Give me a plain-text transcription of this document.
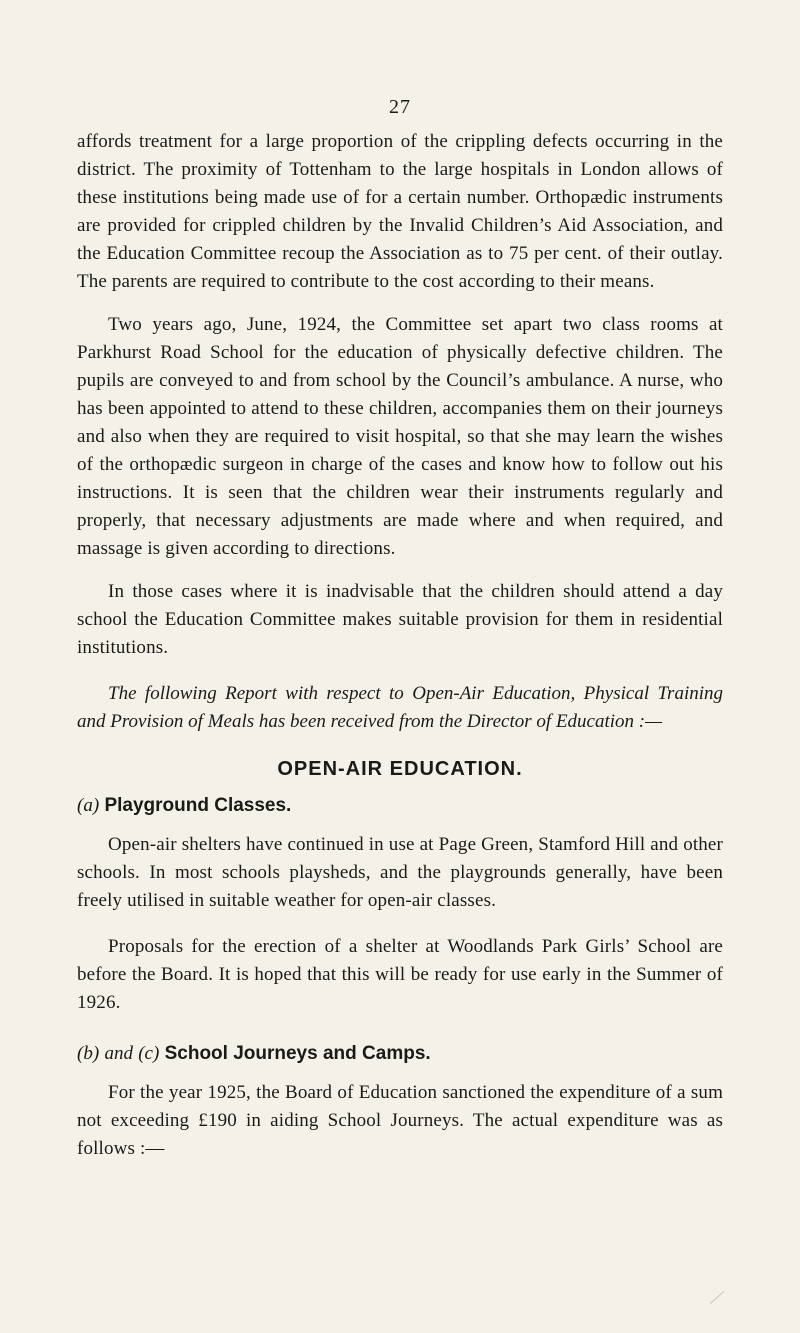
27

affords treatment for a large proportion of the crippling defects occurring in the district. The proximity of Tottenham to the large hospitals in London allows of these institutions being made use of for a certain number. Orthopædic instruments are provided for crippled children by the Invalid Children’s Aid Association, and the Education Committee recoup the Association as to 75 per cent. of their outlay. The parents are required to contribute to the cost according to their means.

Two years ago, June, 1924, the Committee set apart two class rooms at Parkhurst Road School for the education of physically defective children. The pupils are conveyed to and from school by the Council’s ambulance. A nurse, who has been appointed to attend to these children, accompanies them on their journeys and also when they are required to visit hospital, so that she may learn the wishes of the orthopædic surgeon in charge of the cases and know how to follow out his instructions. It is seen that the children wear their instruments regularly and properly, that necessary adjustments are made where and when required, and massage is given according to directions.

In those cases where it is inadvisable that the children should attend a day school the Education Committee makes suitable provision for them in residential institutions.

The following Report with respect to Open-Air Education, Physical Training and Provision of Meals has been received from the Director of Education :—

OPEN-AIR EDUCATION.
(a) Playground Classes.

Open-air shelters have continued in use at Page Green, Stamford Hill and other schools. In most schools playsheds, and the playgrounds generally, have been freely utilised in suitable weather for open-air classes.

Proposals for the erection of a shelter at Woodlands Park Girls’ School are before the Board. It is hoped that this will be ready for use early in the Summer of 1926.

(b) and (c) School Journeys and Camps.

For the year 1925, the Board of Education sanctioned the expenditure of a sum not exceeding £190 in aiding School Journeys. The actual expenditure was as follows :—
